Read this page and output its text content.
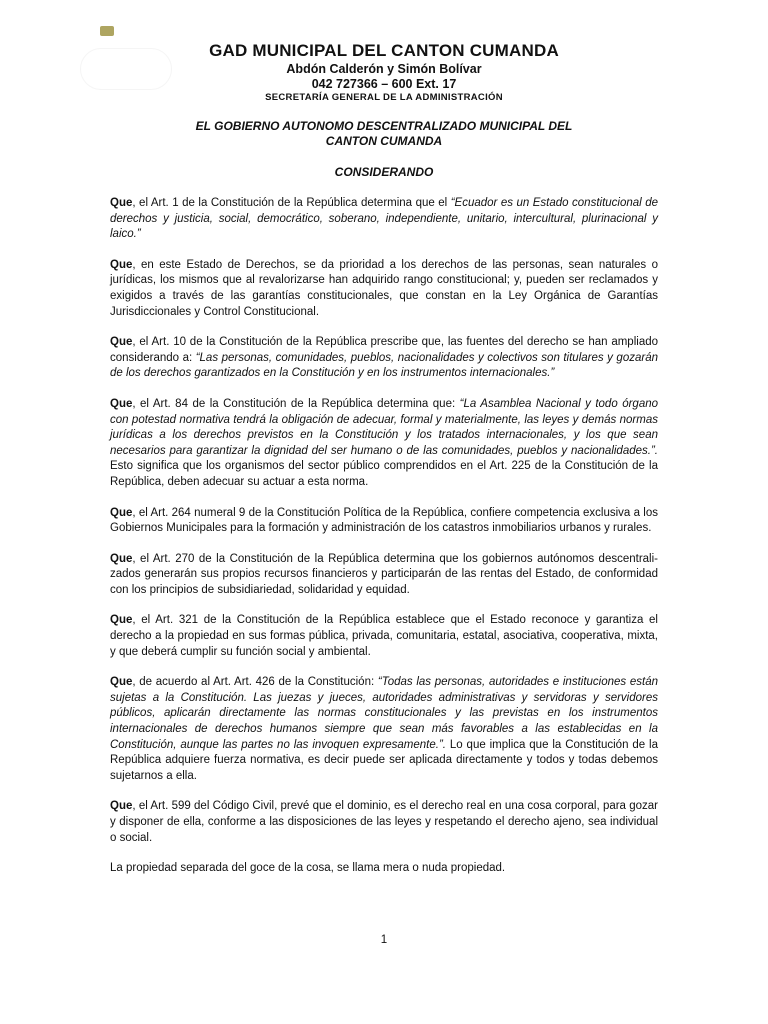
GAD MUNICIPAL DEL CANTON CUMANDA
Abdón Calderón y Simón Bolívar
042 727366 – 600 Ext. 17
SECRETARÍA GENERAL DE LA ADMINISTRACIÓN
EL GOBIERNO AUTONOMO DESCENTRALIZADO MUNICIPAL DEL
CANTON CUMANDA
CONSIDERANDO

Que, el Art. 1 de la Constitución de la República determina que el “Ecuador es un Estado constitucional de derechos y justicia, social, democrático, soberano, independiente, unitario, intercultural, plurinacional y laico.”

Que, en este Estado de Derechos, se da prioridad a los derechos de las personas, sean naturales o jurídicas, los mismos que al revalorizarse han adquirido rango constitucional; y, pueden ser reclamados y exigidos a través de las garantías constitucionales, que constan en la Ley Orgánica de Garantías Jurisdiccionales y Control Constitucional.

Que, el Art. 10 de la Constitución de la República prescribe que, las fuentes del derecho se han ampliado considerando a: “Las personas, comunidades, pueblos, nacionalidades y colectivos son titulares y gozarán de los derechos garantizados en la Constitución y en los instrumentos internacionales.”

Que, el Art. 84 de la Constitución de la República determina que: “La Asamblea Nacional y todo órgano con potestad normativa tendrá la obligación de adecuar, formal y materialmente, las leyes y demás normas jurídicas a los derechos previstos en la Constitución y los tratados internacionales, y los que sean necesarios para garantizar la dignidad del ser humano o de las comunidades, pueblos y nacionalidades.”. Esto significa que los organismos del sector público comprendidos en el Art. 225 de la Constitución de la República, deben adecuar su actuar a esta norma.

Que, el Art. 264 numeral 9 de la Constitución Política de la República, confiere competencia exclusiva a los Gobiernos Municipales para la formación y administración de los catastros inmobiliarios urbanos y rurales.

Que, el Art. 270 de la Constitución de la República determina que los gobiernos autónomos descentrali-zados generarán sus propios recursos financieros y participarán de las rentas del Estado, de conformidad con los principios de subsidiariedad, solidaridad y equidad.

Que, el Art. 321 de la Constitución de la República establece que el Estado reconoce y garantiza el derecho a la propiedad en sus formas pública, privada, comunitaria, estatal, asociativa, cooperativa, mixta, y que deberá cumplir su función social y ambiental.

Que, de acuerdo al Art. Art. 426 de la Constitución: “Todas las personas, autoridades e instituciones están sujetas a la Constitución. Las juezas y jueces, autoridades administrativas y servidoras y servidores públicos, aplicarán directamente las normas constitucionales y las previstas en los instrumentos internacionales de derechos humanos siempre que sean más favorables a las establecidas en la Constitución, aunque las partes no las invoquen expresamente.”. Lo que implica que la Constitución de la República adquiere fuerza normativa, es decir puede ser aplicada directamente y todos y todas debemos sujetarnos a ella.

Que, el Art. 599 del Código Civil, prevé que el dominio, es el derecho real en una cosa corporal, para gozar y disponer de ella, conforme a las disposiciones de las leyes y respetando el derecho ajeno, sea individual o social.

La propiedad separada del goce de la cosa, se llama mera o nuda propiedad.

1
